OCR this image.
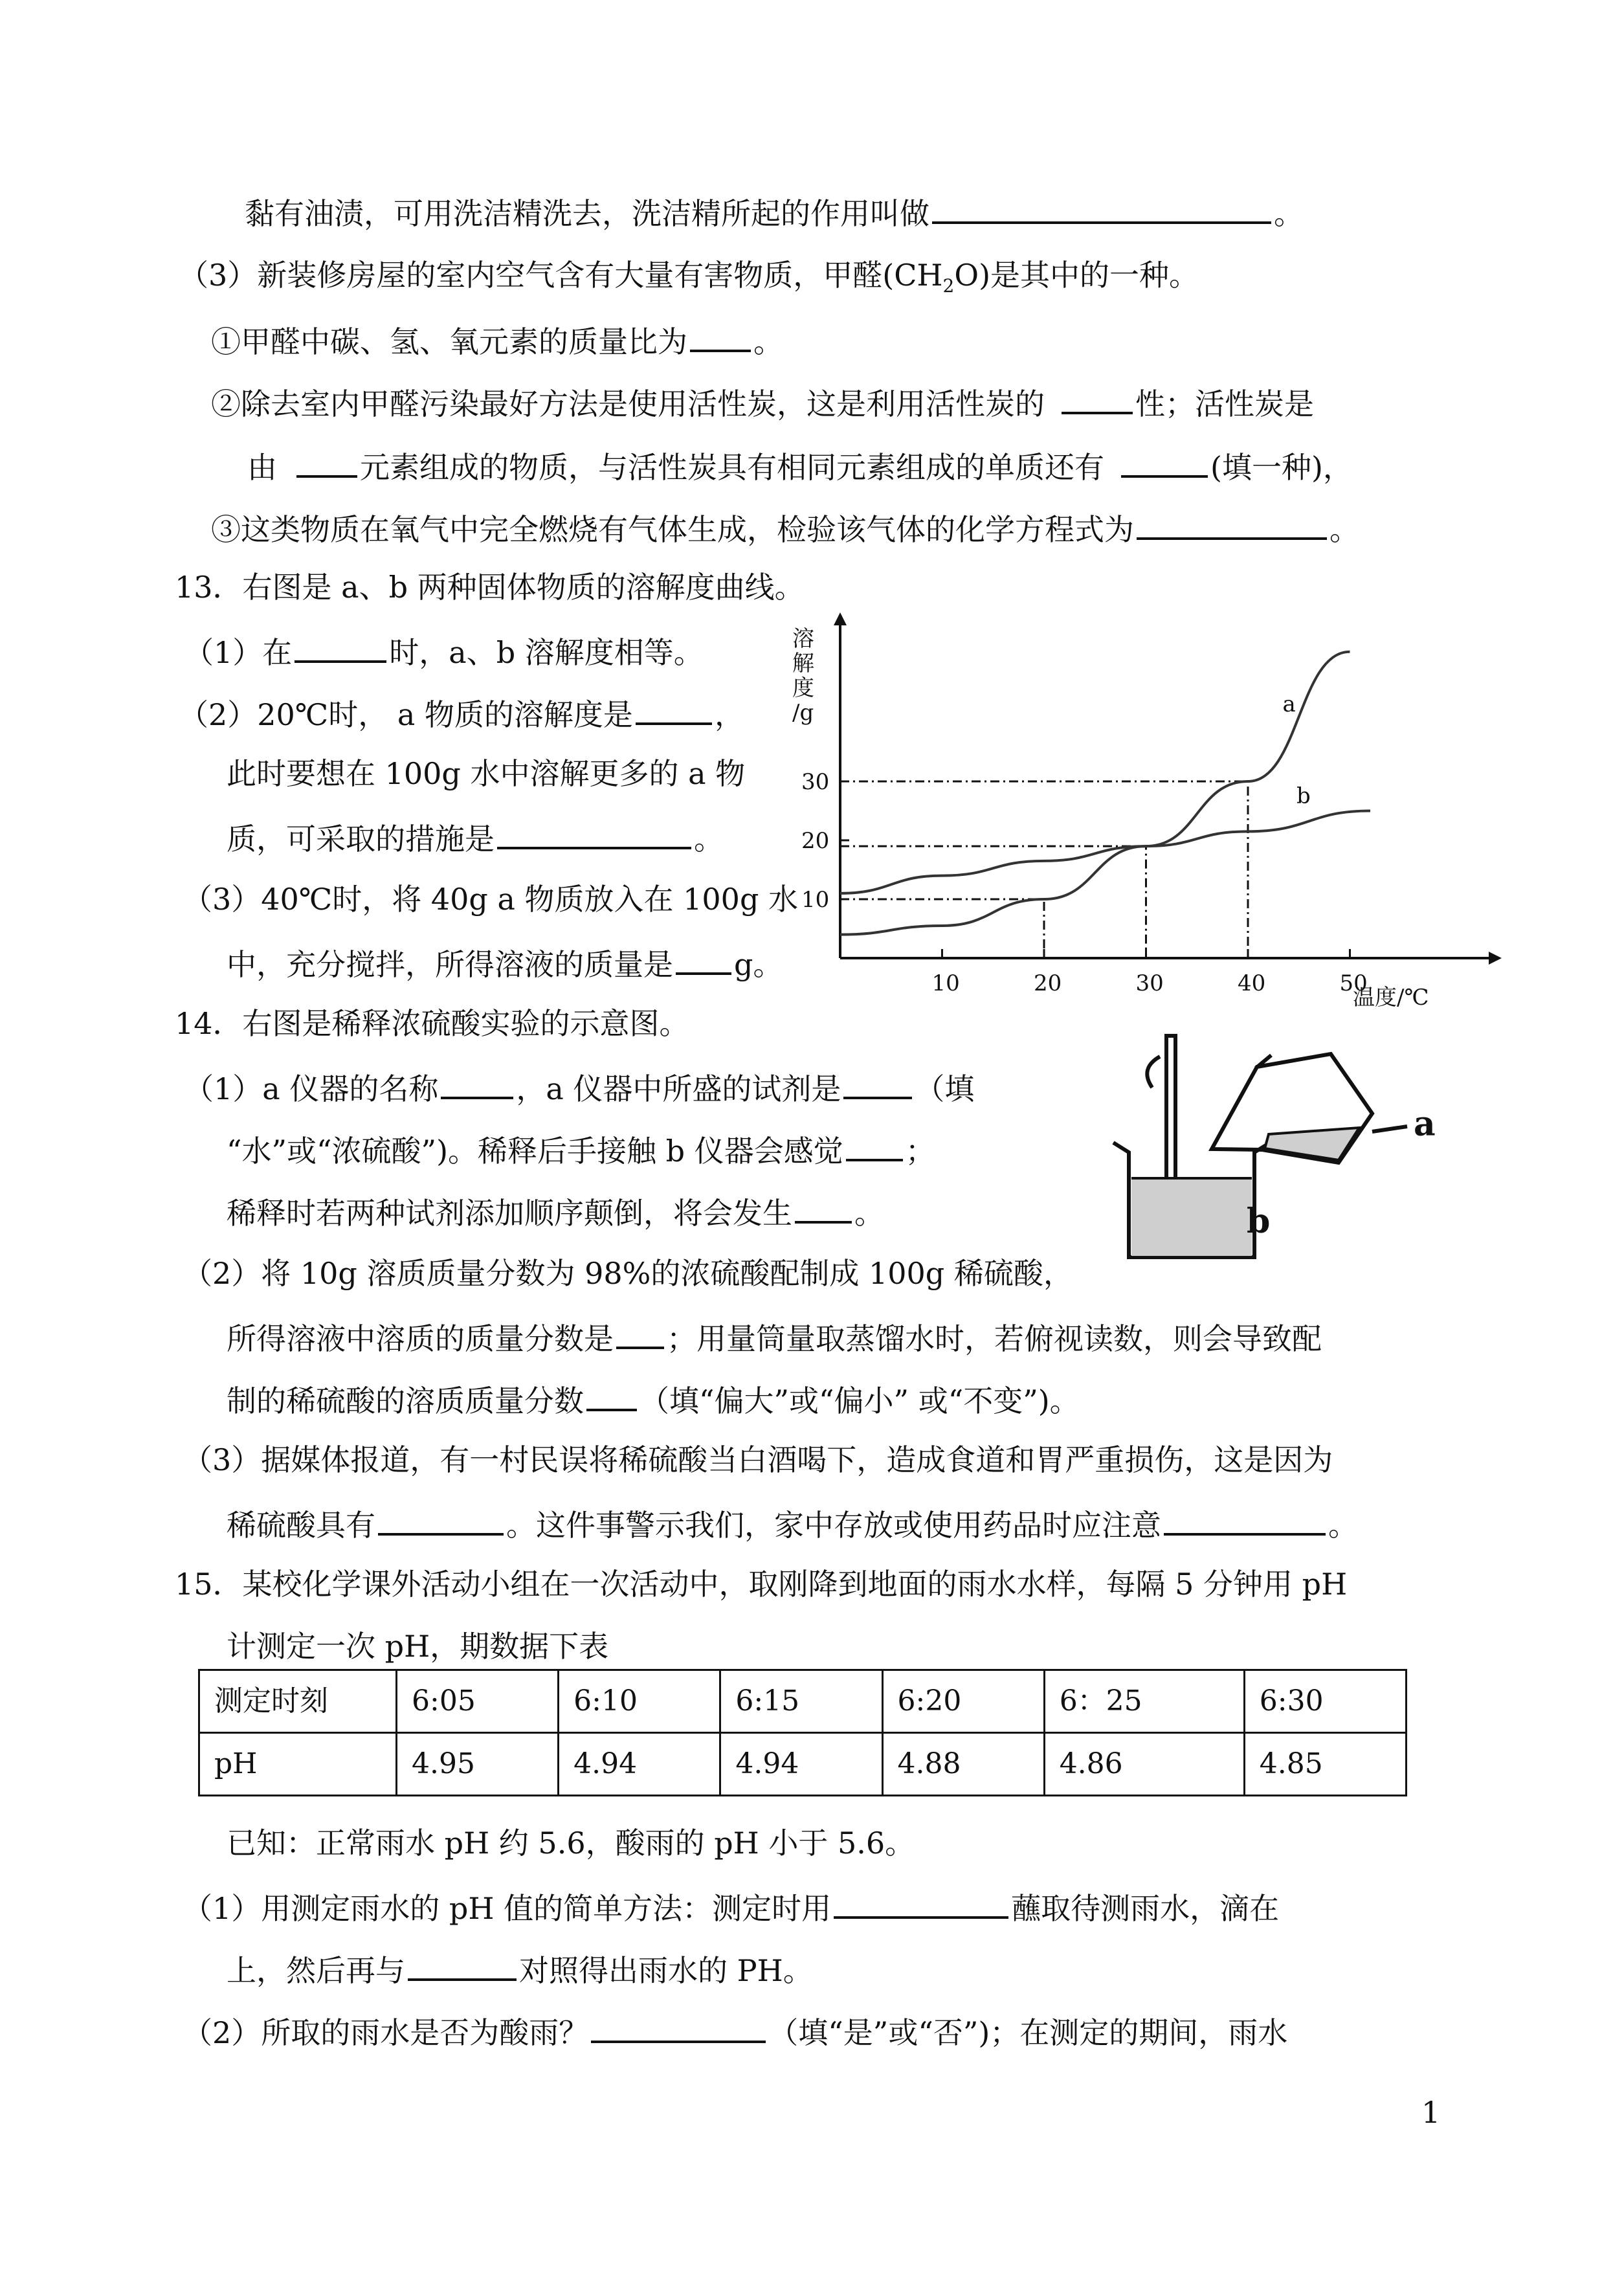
黏有油渍，可用洗洁精洗去，洗洁精所起的作用叫做	。
（3）新装修房屋的室内空气含有大量有害物质，甲醛$(CH_2O)$是其中的一种。
①甲醛中碳、氢、氧元素的质量比为 。
②除去室内甲醛污染最好方法是使用活性炭，这是利用活性炭的	性；活性炭是
由	元素组成的物质，与活性炭具有相同元素组成的单质还有	(填一种)，
③这类物质在氧气中完全燃烧有气体生成，检验该气体的化学方程式为	。
13．右图是 a、b 两种固体物质的溶解度曲线。
（1）在	时，a、b 溶解度相等。
（2）20℃时， a 物质的溶解度是	，
此时要想在 100g 水中溶解更多的 a 物
质，可采取的措施是	。
（3）40℃时，将 40g a 物质放入在 100g 水
中，充分搅拌，所得溶液的质量是 g。
14．右图是稀释浓硫酸实验的示意图。
（1）a 仪器的名称	，a 仪器中所盛的试剂是 （填
“水”或“浓硫酸”)。稀释后手接触 b 仪器会感觉 ；
稀释时若两种试剂添加顺序颠倒，将会发生 。
（2）将 10g 溶质质量分数为 98%的浓硫酸配制成 100g 稀硫酸，
所得溶液中溶质的质量分数是 ；用量筒量取蒸馏水时，若俯视读数，则会导致配
制的稀硫酸的溶质质量分数 （填“偏大”或“偏小” 或“不变”)。
（3）据媒体报道，有一村民误将稀硫酸当白酒喝下，造成食道和胃严重损伤，这是因为
稀硫酸具有	。这件事警示我们，家中存放或使用药品时应注意	。
15．某校化学课外活动小组在一次活动中，取刚降到地面的雨水水样，每隔 5 分钟用 pH
计测定一次 pH，期数据下表
测定时刻	6:05	6:10	6:15	6:20	6：25	6:30
pH	4.95	4.94	4.94	4.88	4.86	4.85
已知：正常雨水 pH 约 5.6，酸雨的 pH 小于 5.6。
（1）用测定雨水的 pH 值的简单方法：测定时用	蘸取待测雨水，滴在
上，然后再与	对照得出雨水的 PH。
（2）所取的雨水是否为酸雨？	（填“是”或“否”)；在测定的期间，雨水
1
溶
解
度
/g
温度/℃
10	20	30	40	50
10
20
30
a
b
a
b
